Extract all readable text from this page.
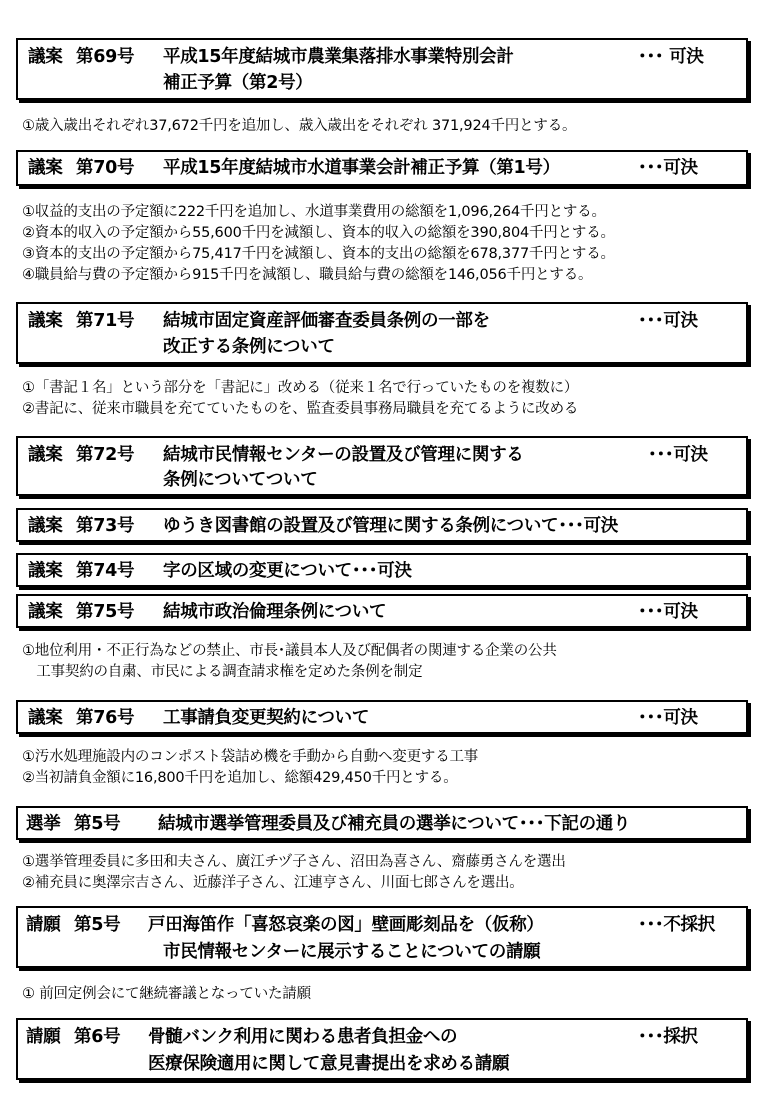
議案 第69号 平成15年度結城市農業集落排水事業特別会計
補正予算（第2号）
･･･ 可決
①歳入歳出それぞれ37,672千円を追加し、歳入歳出をそれぞれ 371,924千円とする。
議案 第70号 平成15年度結城市水道事業会計補正予算（第1号）	･･･可決
①収益的支出の予定額に222千円を追加し、水道事業費用の総額を1,096,264千円とする。
②資本的収入の予定額から55,600千円を減額し、資本的収入の総額を390,804千円とする。
③資本的支出の予定額から75,417千円を減額し、資本的支出の総額を678,377千円とする。
④職員給与費の予定額から915千円を減額し、職員給与費の総額を146,056千円とする。
議案 第71号 結城市固定資産評価審査委員条例の一部を
改正する条例について
･･･可決
①「書記１名」という部分を「書記に」改める（従来１名で行っていたものを複数に）
②書記に、従来市職員を充てていたものを、監査委員事務局職員を充てるように改める
議案 第72号 結城市民情報センターの設置及び管理に関する
条例についてついて
･･･可決
議案 第73号 ゆうき図書館の設置及び管理に関する条例について･･･可決
議案 第74号 字の区域の変更について･･･可決
議案 第75号 結城市政治倫理条例について	･･･可決
①地位利用・不正行為などの禁止、市長･議員本人及び配偶者の関連する企業の公共
　工事契約の自粛、市民による調査請求権を定めた条例を制定
議案 第76号 工事請負変更契約について	･･･可決
①汚水処理施設内のコンポスト袋詰め機を手動から自動へ変更する工事
②当初請負金額に16,800千円を追加し、総額429,450千円とする。
選挙 第5号 結城市選挙管理委員及び補充員の選挙について･･･下記の通り
①選挙管理委員に多田和夫さん、廣江チヅ子さん、沼田為喜さん、齋藤勇さんを選出
②補充員に奥澤宗吉さん、近藤洋子さん、江連亨さん、川面七郎さんを選出。
請願 第5号 戸田海笛作「喜怒哀楽の図」壁画彫刻品を（仮称）
市民情報センターに展示することについての請願
･･･不採択
① 前回定例会にて継続審議となっていた請願
請願 第6号 骨髄バンク利用に関わる患者負担金への
医療保険適用に関して意見書提出を求める請願
･･･採択
